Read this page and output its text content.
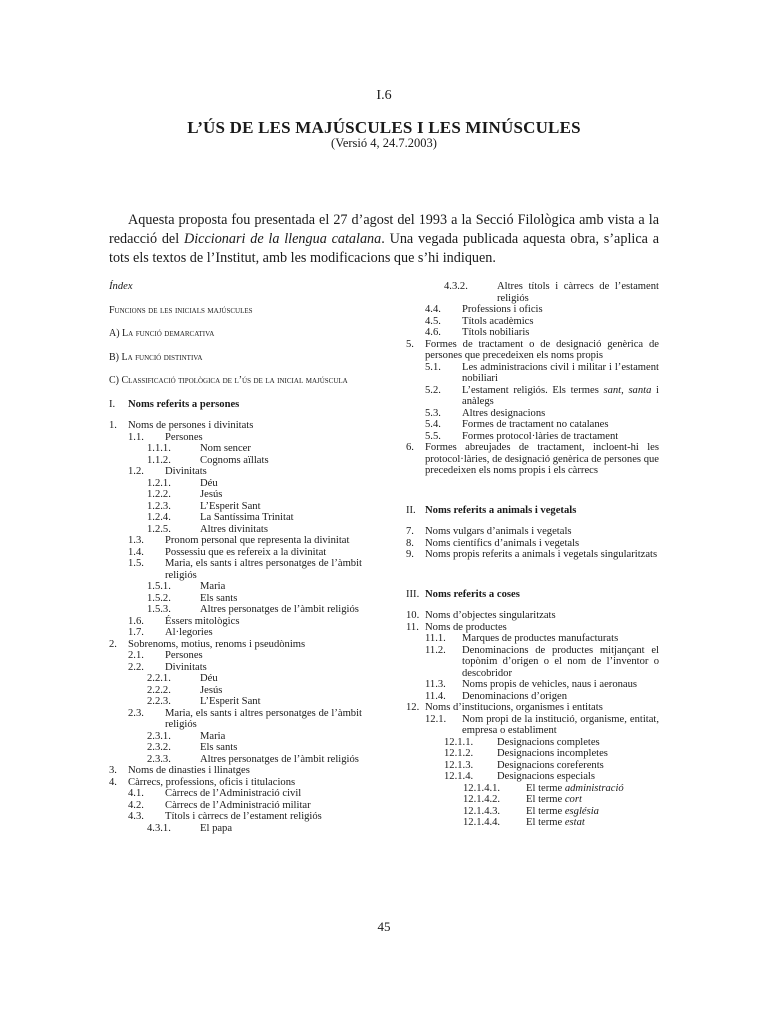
I.6
L’ÚS DE LES MAJÚSCULES I LES MINÚSCULES
(Versió 4, 24.7.2003)

Aquesta proposta fou presentada el 27 d’agost del 1993 a la Secció Filològica amb vista a la redacció del Diccionari de la llengua catalana. Una vegada publicada aquesta obra, s’aplica a tots els textos de l’Institut, amb les modificacions que s’hi indiquen.

Índex
Funcions de les inicials majúscules
A) La funció demarcativa
B) La funció distintiva
C) Classificació tipològica de l’ús de la inicial majúscula
I. Noms referits a persones
1. Noms de persones i divinitats
1.1. Persones
1.1.1.	Nom sencer
1.1.2.	Cognoms aïllats
1.2. Divinitats
1.2.1.	Déu
1.2.2.	Jesús
1.2.3.	L’Esperit Sant
1.2.4.	La Santíssima Trinitat
1.2.5.	Altres divinitats
1.3. Pronom personal que representa la divinitat
1.4. Possessiu que es refereix a la divinitat
1.5. Maria, els sants i altres personatges de l’àmbit religiós
1.5.1.	Maria
1.5.2.	Els sants
1.5.3.	Altres personatges de l’àmbit religiós
1.6. Éssers mitològics
1.7. Al·legories
2. Sobrenoms, motius, renoms i pseudònims
2.1. Persones
2.2. Divinitats
2.2.1.	Déu
2.2.2.	Jesús
2.2.3.	L’Esperit Sant
2.3. Maria, els sants i altres personatges de l’àmbit religiós
2.3.1.	Maria
2.3.2.	Els sants
2.3.3.	Altres personatges de l’àmbit religiós
3. Noms de dinasties i llinatges
4. Càrrecs, professions, oficis i titulacions
4.1. Càrrecs de l’Administració civil
4.2. Càrrecs de l’Administració militar
4.3. Títols i càrrecs de l’estament religiós
4.3.1.	El papa
4.3.2.	Altres títols i càrrecs de l’estament religiós
4.4. Professions i oficis
4.5. Títols acadèmics
4.6. Títols nobiliaris
5. Formes de tractament o de designació genèrica de persones que precedeixen els noms propis
5.1. Les administracions civil i militar i l’estament nobiliari
5.2. L’estament religiós. Els termes sant, santa i anàlegs
5.3. Altres designacions
5.4. Formes de tractament no catalanes
5.5. Formes protocol·làries de tractament
6. Formes abreujades de tractament, incloent-hi les protocol·làries, de designació genèrica de persones que precedeixen els noms propis i els càrrecs
II. Noms referits a animals i vegetals
7. Noms vulgars d’animals i vegetals
8. Noms científics d’animals i vegetals
9. Noms propis referits a animals i vegetals singularitzats
III. Noms referits a coses
10. Noms d’objectes singularitzats
11. Noms de productes
11.1. Marques de productes manufacturats
11.2. Denominacions de productes mitjançant el topònim d’origen o el nom de l’inventor o descobridor
11.3. Noms propis de vehicles, naus i aeronaus
11.4. Denominacions d’origen
12. Noms d’institucions, organismes i entitats
12.1. Nom propi de la institució, organisme, entitat, empresa o establiment
12.1.1. Designacions completes
12.1.2. Designacions incompletes
12.1.3. Designacions coreferents
12.1.4. Designacions especials
12.1.4.1. El terme administració
12.1.4.2. El terme cort
12.1.4.3. El terme església
12.1.4.4. El terme estat
45
